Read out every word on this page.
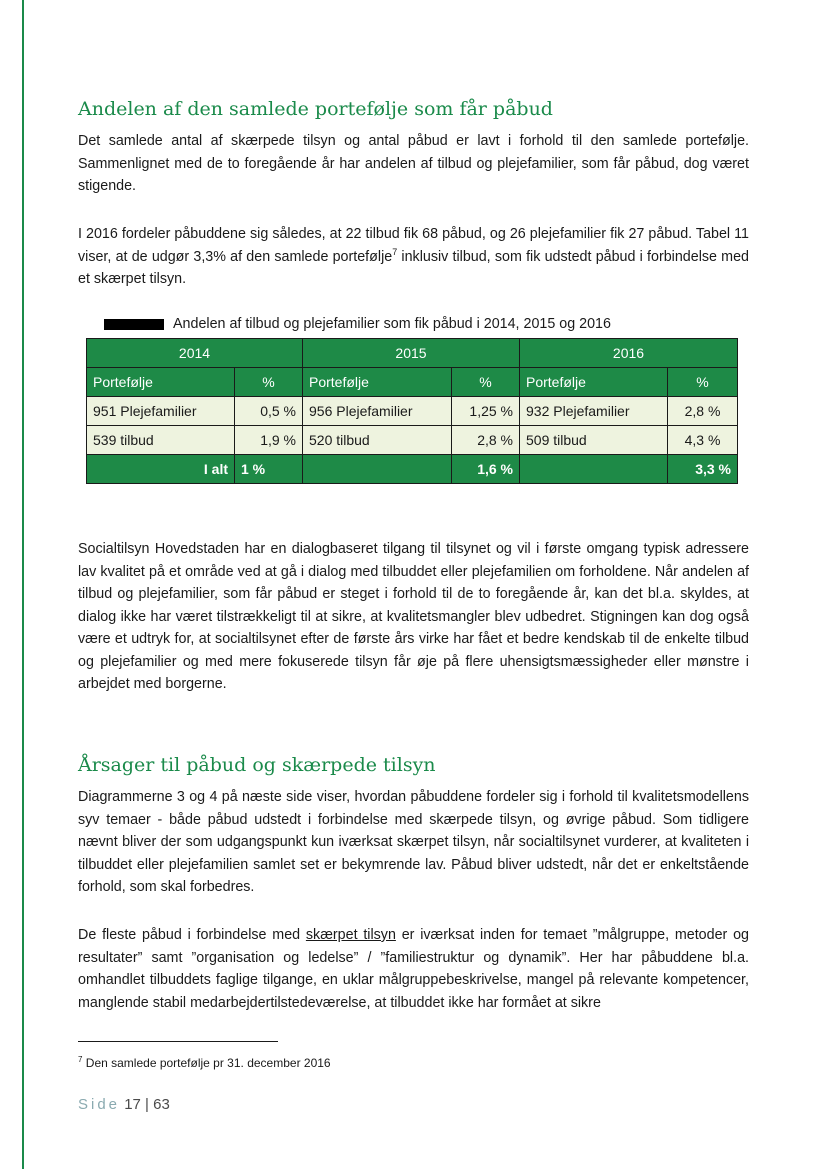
Andelen af den samlede portefølje som får påbud

Det samlede antal af skærpede tilsyn og antal påbud er lavt i forhold til den samlede portefølje. Sammenlignet med de to foregående år har andelen af tilbud og plejefamilier, som får påbud, dog været stigende.

I 2016 fordeler påbuddene sig således, at 22 tilbud fik 68 påbud, og 26 plejefamilier fik 27 påbud. Tabel 11 viser, at de udgør 3,3% af den samlede portefølje$^7$ inklusiv tilbud, som fik udstedt påbud i forbindelse med et skærpet tilsyn.

Andelen af tilbud og plejefamilier som fik påbud i 2014, 2015 og 2016
2014		2015		2016	
Portefølje	%	Portefølje	%	Portefølje	%
951 Plejefamilier	0,5 %	956 Plejefamilier	1,25 %	932 Plejefamilier	2,8 %
539 tilbud	1,9 %	520 tilbud	2,8 %	509 tilbud	4,3 %
I alt	1 %		1,6 %		3,3 %

Socialtilsyn Hovedstaden har en dialogbaseret tilgang til tilsynet og vil i første omgang typisk adressere lav kvalitet på et område ved at gå i dialog med tilbuddet eller plejefamilien om forholdene. Når andelen af tilbud og plejefamilier, som får påbud er steget i forhold til de to foregående år, kan det bl.a. skyldes, at dialog ikke har været tilstrækkeligt til at sikre, at kvalitetsmangler blev udbedret. Stigningen kan dog også være et udtryk for, at socialtilsynet efter de første års virke har fået et bedre kendskab til de enkelte tilbud og plejefamilier og med mere fokuserede tilsyn får øje på flere uhensigtsmæssigheder eller mønstre i arbejdet med borgerne.

Årsager til påbud og skærpede tilsyn

Diagrammerne 3 og 4 på næste side viser, hvordan påbuddene fordeler sig i forhold til kvalitetsmodellens syv temaer - både påbud udstedt i forbindelse med skærpede tilsyn, og øvrige påbud. Som tidligere nævnt bliver der som udgangspunkt kun iværksat skærpet tilsyn, når socialtilsynet vurderer, at kvaliteten i tilbuddet eller plejefamilien samlet set er bekymrende lav. Påbud bliver udstedt, når det er enkeltstående forhold, som skal forbedres.

De fleste påbud i forbindelse med skærpet tilsyn er iværksat inden for temaet ”målgruppe, metoder og resultater” samt ”organisation og ledelse” / ”familiestruktur og dynamik”. Her har påbuddene bl.a. omhandlet tilbuddets faglige tilgange, en uklar målgruppebeskrivelse, mangel på relevante kompetencer, manglende stabil medarbejdertilstedeværelse, at tilbuddet ikke har formået at sikre

$^7$ Den samlede portefølje pr 31. december 2016
Side 17 | 63
